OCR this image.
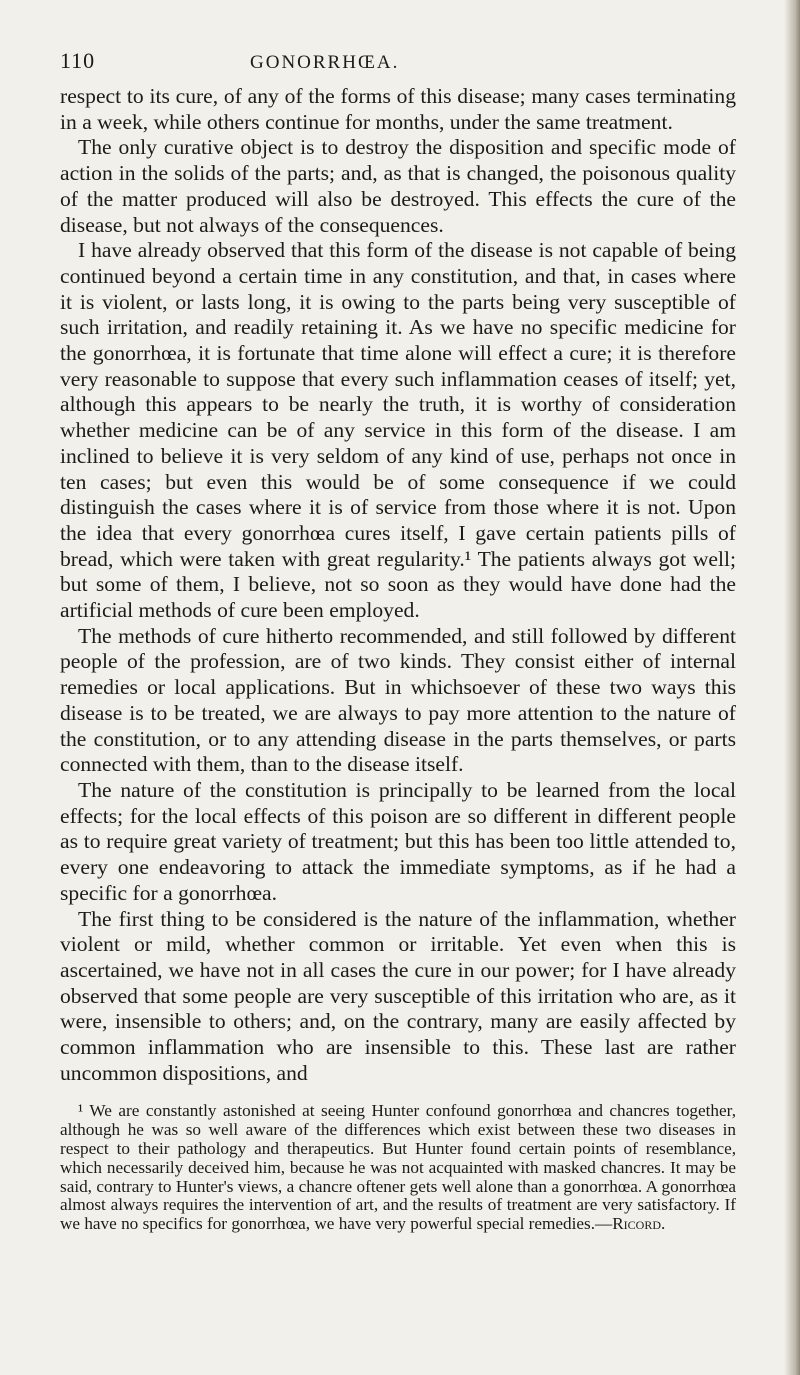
110	GONORRHŒA.

respect to its cure, of any of the forms of this disease; many cases terminating in a week, while others continue for months, under the same treatment.

The only curative object is to destroy the disposition and specific mode of action in the solids of the parts; and, as that is changed, the poisonous quality of the matter produced will also be destroyed. This effects the cure of the disease, but not always of the consequences.

I have already observed that this form of the disease is not capable of being continued beyond a certain time in any constitution, and that, in cases where it is violent, or lasts long, it is owing to the parts being very susceptible of such irritation, and readily retaining it. As we have no specific medicine for the gonorrhœa, it is fortunate that time alone will effect a cure; it is therefore very reasonable to suppose that every such inflammation ceases of itself; yet, although this appears to be nearly the truth, it is worthy of consideration whether medicine can be of any service in this form of the disease. I am inclined to believe it is very seldom of any kind of use, perhaps not once in ten cases; but even this would be of some consequence if we could distinguish the cases where it is of service from those where it is not. Upon the idea that every gonorrhœa cures itself, I gave certain patients pills of bread, which were taken with great regularity.¹ The patients always got well; but some of them, I believe, not so soon as they would have done had the artificial methods of cure been employed.

The methods of cure hitherto recommended, and still followed by different people of the profession, are of two kinds. They consist either of internal remedies or local applications. But in whichsoever of these two ways this disease is to be treated, we are always to pay more attention to the nature of the constitution, or to any attending disease in the parts themselves, or parts connected with them, than to the disease itself.

The nature of the constitution is principally to be learned from the local effects; for the local effects of this poison are so different in different people as to require great variety of treatment; but this has been too little attended to, every one endeavoring to attack the immediate symptoms, as if he had a specific for a gonorrhœa.

The first thing to be considered is the nature of the inflammation, whether violent or mild, whether common or irritable. Yet even when this is ascertained, we have not in all cases the cure in our power; for I have already observed that some people are very susceptible of this irritation who are, as it were, insensible to others; and, on the contrary, many are easily affected by common inflammation who are insensible to this. These last are rather uncommon dispositions, and

¹ We are constantly astonished at seeing Hunter confound gonorrhœa and chancres together, although he was so well aware of the differences which exist between these two diseases in respect to their pathology and therapeutics. But Hunter found certain points of resemblance, which necessarily deceived him, because he was not acquainted with masked chancres. It may be said, contrary to Hunter's views, a chancre oftener gets well alone than a gonorrhœa. A gonorrhœa almost always requires the intervention of art, and the results of treatment are very satisfactory. If we have no specifics for gonorrhœa, we have very powerful special remedies.—Ricord.
